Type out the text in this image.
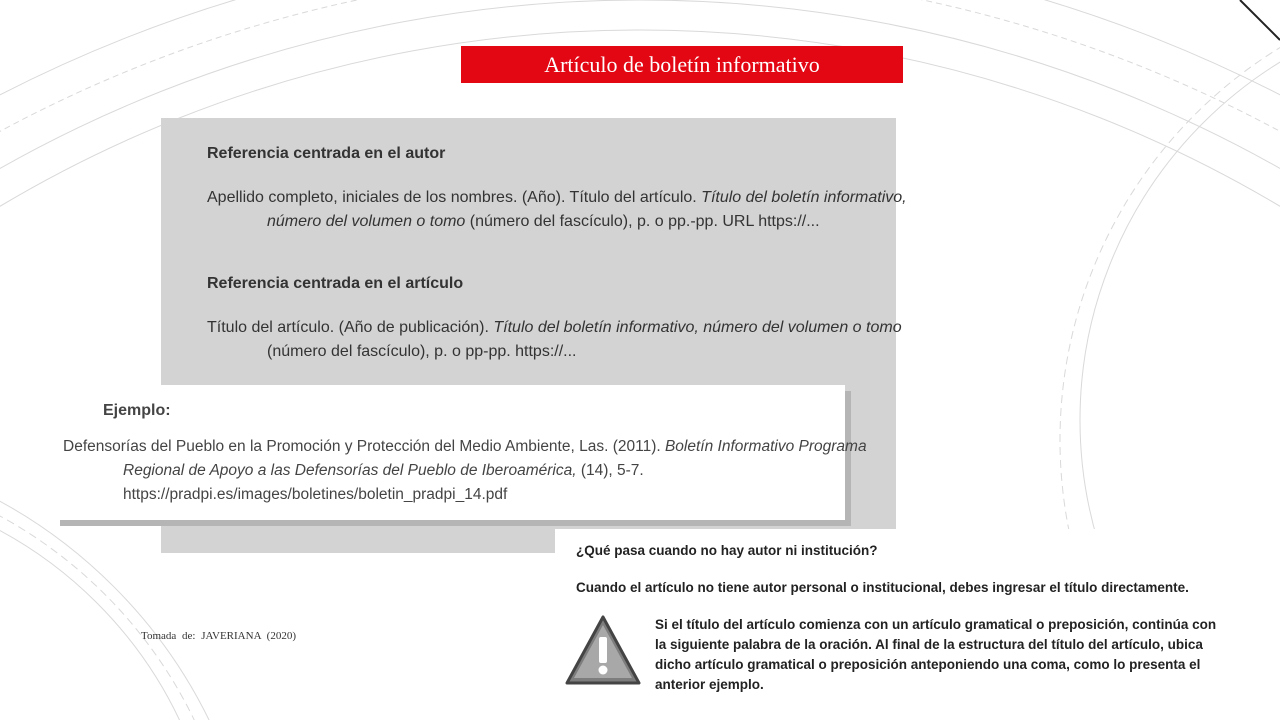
Artículo de boletín informativo
Referencia centrada en el autor
Apellido completo, iniciales de los nombres. (Año). Título del artículo. Título del boletín informativo, número del volumen o tomo (número del fascículo), p. o pp.-pp. URL https://...
Referencia centrada en el artículo
Título del artículo. (Año de publicación). Título del boletín informativo, número del volumen o tomo (número del fascículo), p. o pp-pp. https://...
Ejemplo:
Defensorías del Pueblo en la Promoción y Protección del Medio Ambiente, Las. (2011). Boletín Informativo Programa Regional de Apoyo a las Defensorías del Pueblo de Iberoamérica, (14), 5-7. https://pradpi.es/images/boletines/boletin_pradpi_14.pdf
¿Qué pasa cuando no hay autor ni institución?
Cuando el artículo no tiene autor personal o institucional, debes ingresar el título directamente.
Si el título del artículo comienza con un artículo gramatical o preposición, continúa con la siguiente palabra de la oración. Al final de la estructura del título del artículo, ubica dicho artículo gramatical o preposición anteponiendo una coma, como lo presenta el anterior ejemplo.
Tomada de: JAVERIANA (2020)
